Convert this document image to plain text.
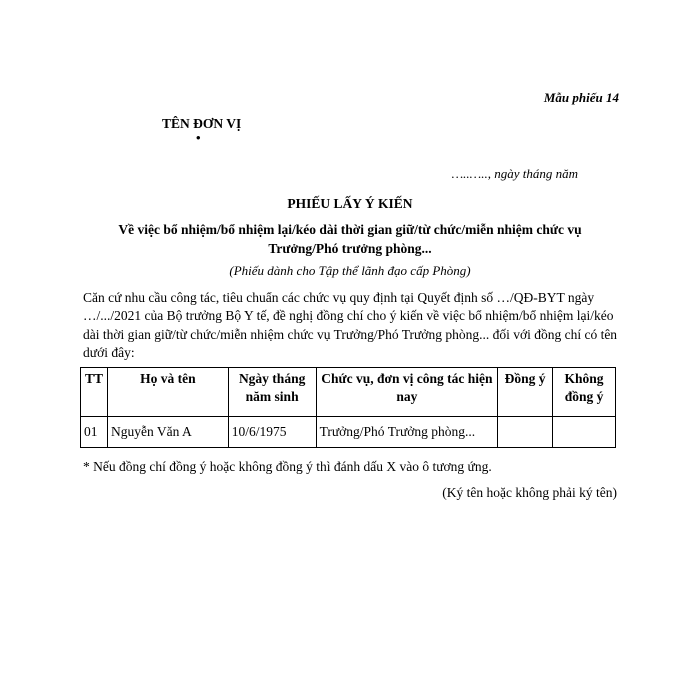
Mẫu phiếu 14
TÊN ĐƠN VỊ
•
…..….., ngày tháng năm
PHIẾU LẤY Ý KIẾN
Về việc bổ nhiệm/bổ nhiệm lại/kéo dài thời gian giữ/từ chức/miễn nhiệm chức vụ Trưởng/Phó trưởng phòng...
(Phiếu dành cho Tập thể lãnh đạo cấp Phòng)
Căn cứ nhu cầu công tác, tiêu chuẩn các chức vụ quy định tại Quyết định số …/QĐ-BYT ngày …/.../2021 của Bộ trưởng Bộ Y tế, đề nghị đồng chí cho ý kiến về việc bổ nhiệm/bổ nhiệm lại/kéo dài thời gian giữ/từ chức/miễn nhiệm chức vụ Trưởng/Phó Trưởng phòng... đối với đồng chí có tên dưới đây:
TT	Họ và tên	Ngày tháng năm sinh	Chức vụ, đơn vị công tác hiện nay	Đồng ý	Không đồng ý
01	Nguyễn Văn A	10/6/1975	Trưởng/Phó Trưởng phòng...		
* Nếu đồng chí đồng ý hoặc không đồng ý thì đánh dấu X vào ô tương ứng.
(Ký tên hoặc không phải ký tên)
